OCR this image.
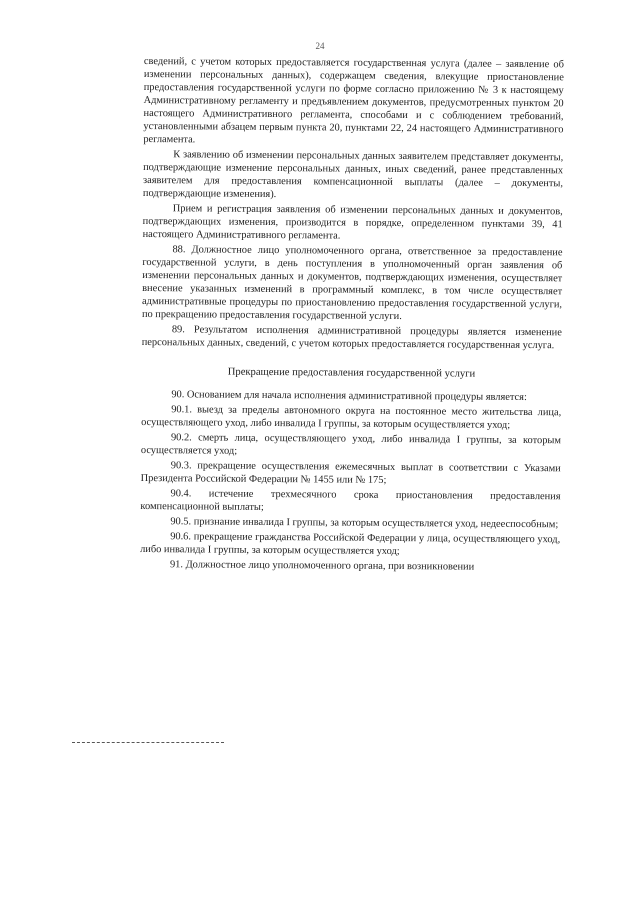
24

сведений, с учетом которых предоставляется государственная услуга (далее – заявление об изменении персональных данных), содержащем сведения, влекущие приостановление предоставления государственной услуги по форме согласно приложению № 3 к настоящему Административному регламенту и предъявлением документов, предусмотренных пунктом 20 настоящего Административного регламента, способами и с соблюдением требований, установленными абзацем первым пункта 20, пунктами 22, 24 настоящего Административного регламента.

К заявлению об изменении персональных данных заявителем представляет документы, подтверждающие изменение персональных данных, иных сведений, ранее представленных заявителем для предоставления компенсационной выплаты (далее – документы, подтверждающие изменения).

Прием и регистрация заявления об изменении персональных данных и документов, подтверждающих изменения, производится в порядке, определенном пунктами 39, 41 настоящего Административного регламента.

88. Должностное лицо уполномоченного органа, ответственное за предоставление государственной услуги, в день поступления в уполномоченный орган заявления об изменении персональных данных и документов, подтверждающих изменения, осуществляет внесение указанных изменений в программный комплекс, в том числе осуществляет административные процедуры по приостановлению предоставления государственной услуги, по прекращению предоставления государственной услуги.

89. Результатом исполнения административной процедуры является изменение персональных данных, сведений, с учетом которых предоставляется государственная услуга.

Прекращение предоставления государственной услуги

90. Основанием для начала исполнения административной процедуры является:

90.1. выезд за пределы автономного округа на постоянное место жительства лица, осуществляющего уход, либо инвалида I группы, за которым осуществляется уход;

90.2. смерть лица, осуществляющего уход, либо инвалида I группы, за которым осуществляется уход;

90.3. прекращение осуществления ежемесячных выплат в соответствии с Указами Президента Российской Федерации № 1455 или № 175;

90.4. истечение трехмесячного срока приостановления предоставления компенсационной выплаты;

90.5. признание инвалида I группы, за которым осуществляется уход, недееспособным;

90.6. прекращение гражданства Российской Федерации у лица, осуществляющего уход, либо инвалида I группы, за которым осуществляется уход;

91. Должностное лицо уполномоченного органа, при возникновении
